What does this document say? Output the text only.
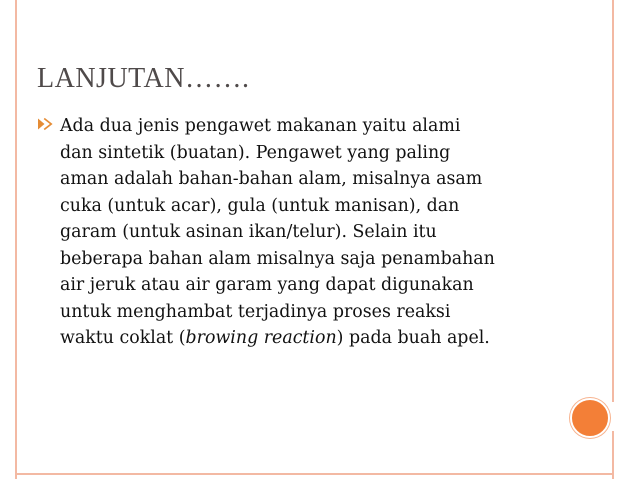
LANJUTAN…….
Ada dua jenis pengawet makanan yaitu alami
dan sintetik (buatan). Pengawet yang paling
aman adalah bahan-bahan alam, misalnya asam
cuka (untuk acar), gula (untuk manisan), dan
garam (untuk asinan ikan/telur). Selain itu
beberapa bahan alam misalnya saja penambahan
air jeruk atau air garam yang dapat digunakan
untuk menghambat terjadinya proses reaksi
waktu coklat (browing reaction) pada buah apel.
